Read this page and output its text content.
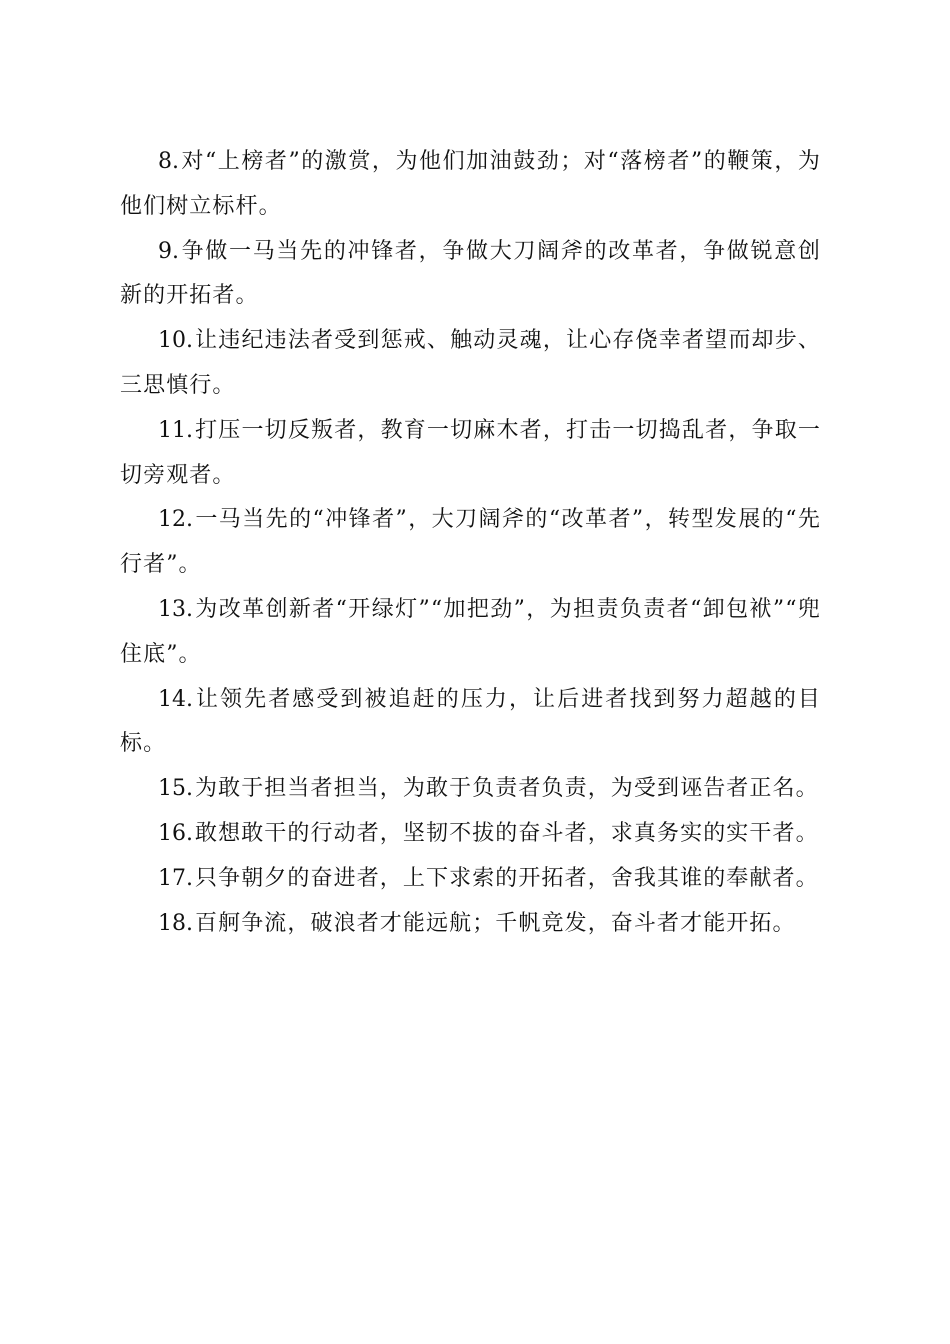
8.对“上榜者”的激赏，为他们加油鼓劲；对“落榜者”的鞭策，为他们树立标杆。

9.争做一马当先的冲锋者，争做大刀阔斧的改革者，争做锐意创新的开拓者。

10.让违纪违法者受到惩戒、触动灵魂，让心存侥幸者望而却步、三思慎行。

11.打压一切反叛者，教育一切麻木者，打击一切捣乱者，争取一切旁观者。

12.一马当先的“冲锋者”，大刀阔斧的“改革者”，转型发展的“先行者”。

13.为改革创新者“开绿灯”“加把劲”，为担责负责者“卸包袱”“兜住底”。

14.让领先者感受到被追赶的压力，让后进者找到努力超越的目标。

15.为敢于担当者担当，为敢于负责者负责，为受到诬告者正名。

16.敢想敢干的行动者，坚韧不拔的奋斗者，求真务实的实干者。

17.只争朝夕的奋进者，上下求索的开拓者，舍我其谁的奉献者。

18.百舸争流，破浪者才能远航；千帆竞发，奋斗者才能开拓。
